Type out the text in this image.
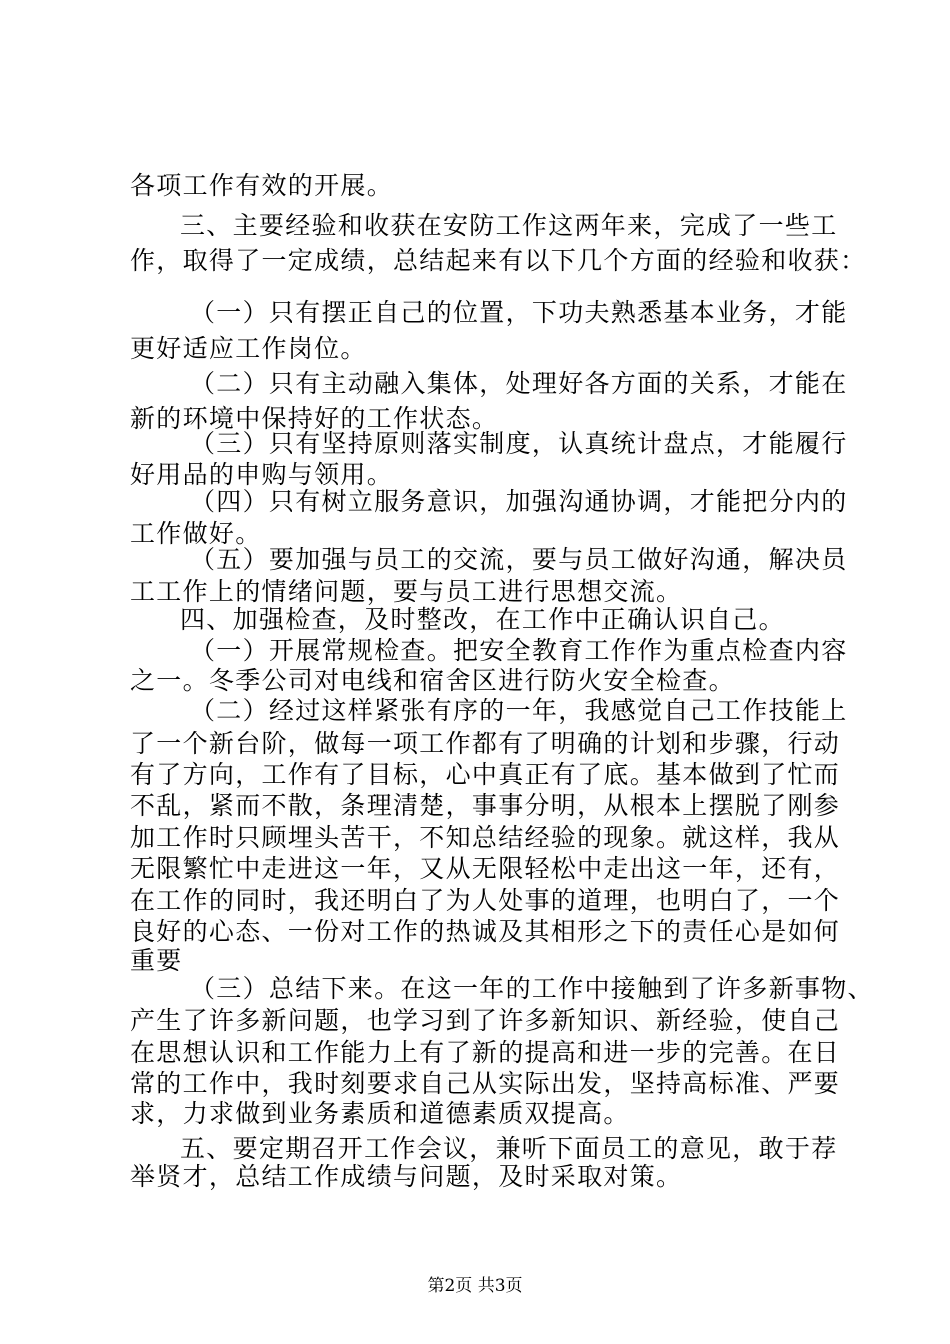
各项工作有效的开展。
三、主要经验和收获在安防工作这两年来，完成了一些工
作，取得了一定成绩，总结起来有以下几个方面的经验和收获：
（一）只有摆正自己的位置，下功夫熟悉基本业务，才能
更好适应工作岗位。
（二）只有主动融入集体，处理好各方面的关系，才能在
新的环境中保持好的工作状态。
（三）只有坚持原则落实制度，认真统计盘点，才能履行
好用品的申购与领用。
（四）只有树立服务意识，加强沟通协调，才能把分内的
工作做好。
（五）要加强与员工的交流，要与员工做好沟通，解决员
工工作上的情绪问题，要与员工进行思想交流。
四、加强检查，及时整改，在工作中正确认识自己。
（一）开展常规检查。把安全教育工作作为重点检查内容
之一。冬季公司对电线和宿舍区进行防火安全检查。
（二）经过这样紧张有序的一年，我感觉自己工作技能上
了一个新台阶，做每一项工作都有了明确的计划和步骤，行动
有了方向，工作有了目标，心中真正有了底。基本做到了忙而
不乱，紧而不散，条理清楚，事事分明，从根本上摆脱了刚参
加工作时只顾埋头苦干，不知总结经验的现象。就这样，我从
无限繁忙中走进这一年，又从无限轻松中走出这一年，还有，
在工作的同时，我还明白了为人处事的道理，也明白了，一个
良好的心态、一份对工作的热诚及其相形之下的责任心是如何
重要
（三）总结下来。在这一年的工作中接触到了许多新事物、
产生了许多新问题，也学习到了许多新知识、新经验，使自己
在思想认识和工作能力上有了新的提高和进一步的完善。在日
常的工作中，我时刻要求自己从实际出发，坚持高标准、严要
求，力求做到业务素质和道德素质双提高。
五、要定期召开工作会议，兼听下面员工的意见，敢于荐
举贤才，总结工作成绩与问题，及时采取对策。
第2页 共3页
